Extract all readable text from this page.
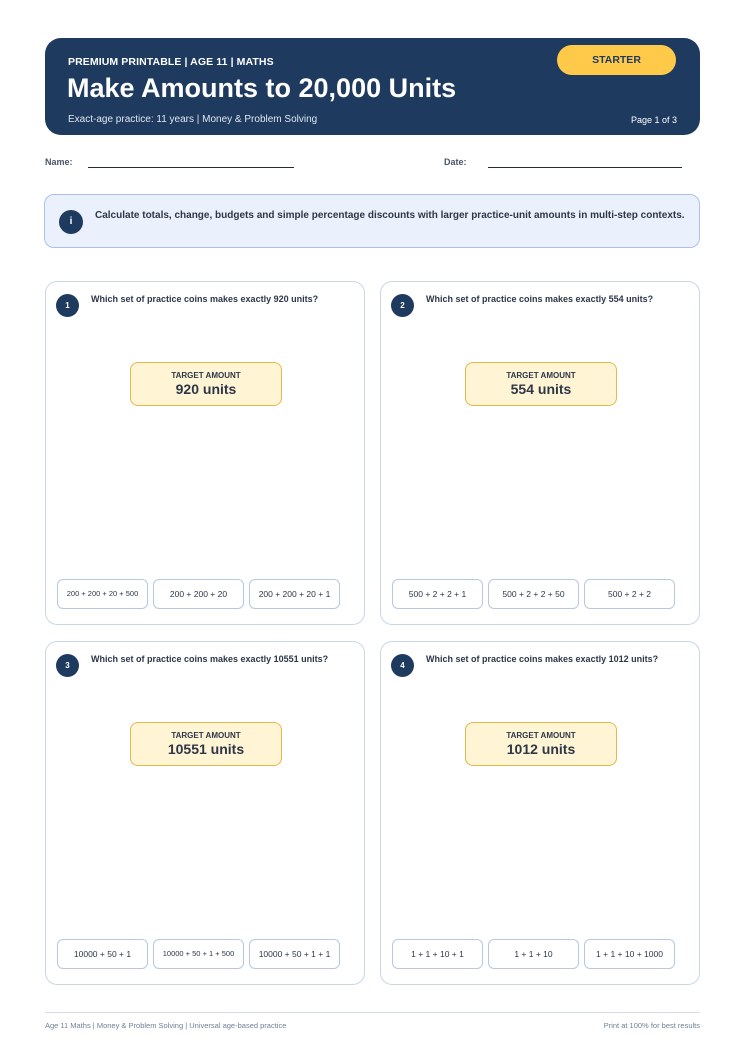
PREMIUM PRINTABLE | AGE 11 | MATHS
Make Amounts to 20,000 Units
Exact-age practice: 11 years | Money & Problem Solving	Page 1 of 3
STARTER
Name:	Date:
i
Calculate totals, change, budgets and simple percentage discounts with larger practice-unit amounts in multi-step contexts.
1
Which set of practice coins makes exactly 920 units?
TARGET AMOUNT
920 units
200 + 200 + 20 + 500	200 + 200 + 20	200 + 200 + 20 + 1
2
Which set of practice coins makes exactly 554 units?
TARGET AMOUNT
554 units
500 + 2 + 2 + 1	500 + 2 + 2 + 50	500 + 2 + 2
3
Which set of practice coins makes exactly 10551 units?
TARGET AMOUNT
10551 units
10000 + 50 + 1	10000 + 50 + 1 + 500	10000 + 50 + 1 + 1
4
Which set of practice coins makes exactly 1012 units?
TARGET AMOUNT
1012 units
1 + 1 + 10 + 1	1 + 1 + 10	1 + 1 + 10 + 1000
Age 11 Maths | Money & Problem Solving | Universal age-based practice	Print at 100% for best results
